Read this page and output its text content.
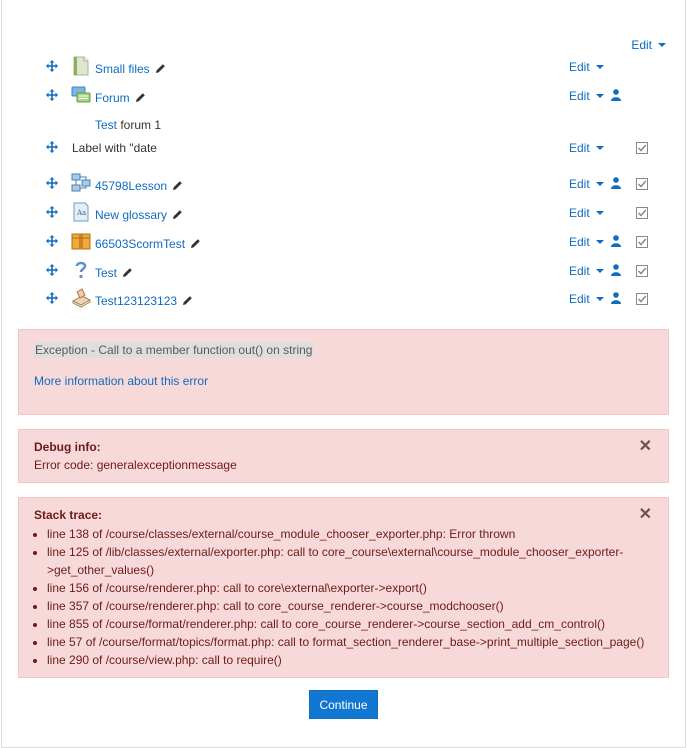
Edit
Small files	Edit
Forum	Edit
Test forum 1
Label with "date	Edit
45798Lesson	Edit
Aa New glossary	Edit
66503ScormTest	Edit
Test	Edit
Test123123123	Edit
Exception - Call to a member function out() on string
More information about this error
Debug info:
Error code: generalexceptionmessage
✕
Stack trace:	✕
• line 138 of /course/classes/external/course_module_chooser_exporter.php: Error thrown
• line 125 of /lib/classes/external/exporter.php: call to core_course\external\course_module_chooser_exporter->get_other_values()
• line 156 of /course/renderer.php: call to core\external\exporter->export()
• line 357 of /course/renderer.php: call to core_course_renderer->course_modchooser()
• line 855 of /course/format/renderer.php: call to core_course_renderer->course_section_add_cm_control()
• line 57 of /course/format/topics/format.php: call to format_section_renderer_base->print_multiple_section_page()
• line 290 of /course/view.php: call to require()
Continue
